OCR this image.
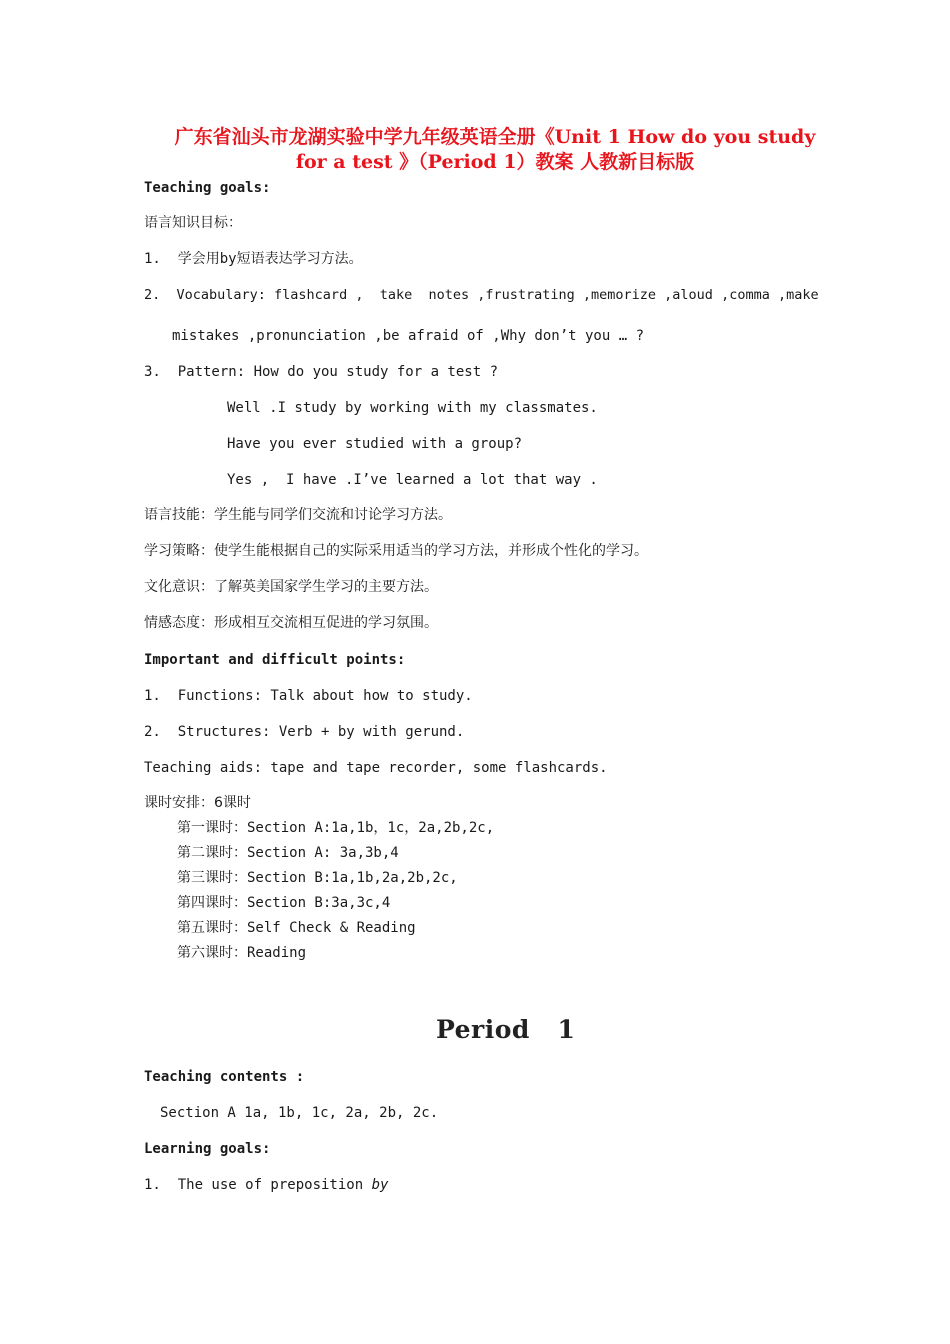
广东省汕头市龙湖实验中学九年级英语全册《Unit 1 How do you study
for a test 》（Period 1）教案 人教新目标版
Teaching goals:
语言知识目标：
1.  学会用by短语表达学习方法。
2.  Vocabulary: flashcard ,  take  notes ,frustrating ,memorize ,aloud ,comma ,make
mistakes ,pronunciation ,be afraid of ,Why don’t you … ?
3.  Pattern: How do you study for a test ?
Well .I study by working with my classmates.
Have you ever studied with a group?
Yes ,  I have .I’ve learned a lot that way .
语言技能：学生能与同学们交流和讨论学习方法。
学习策略：使学生能根据自己的实际采用适当的学习方法，并形成个性化的学习。
文化意识：了解英美国家学生学习的主要方法。
情感态度：形成相互交流相互促进的学习氛围。
Important and difficult points:
1.  Functions: Talk about how to study.
2.  Structures: Verb + by with gerund.
Teaching aids: tape and tape recorder, some flashcards.
课时安排：6课时
第一课时：Section A:1a,1b，1c，2a,2b,2c,
第二课时：Section A: 3a,3b,4
第三课时：Section B:1a,1b,2a,2b,2c,
第四课时：Section B:3a,3c,4
第五课时：Self Check & Reading
第六课时：Reading
Period   1
Teaching contents :
Section A 1a, 1b, 1c, 2a, 2b, 2c.
Learning goals:
1.  The use of preposition by
